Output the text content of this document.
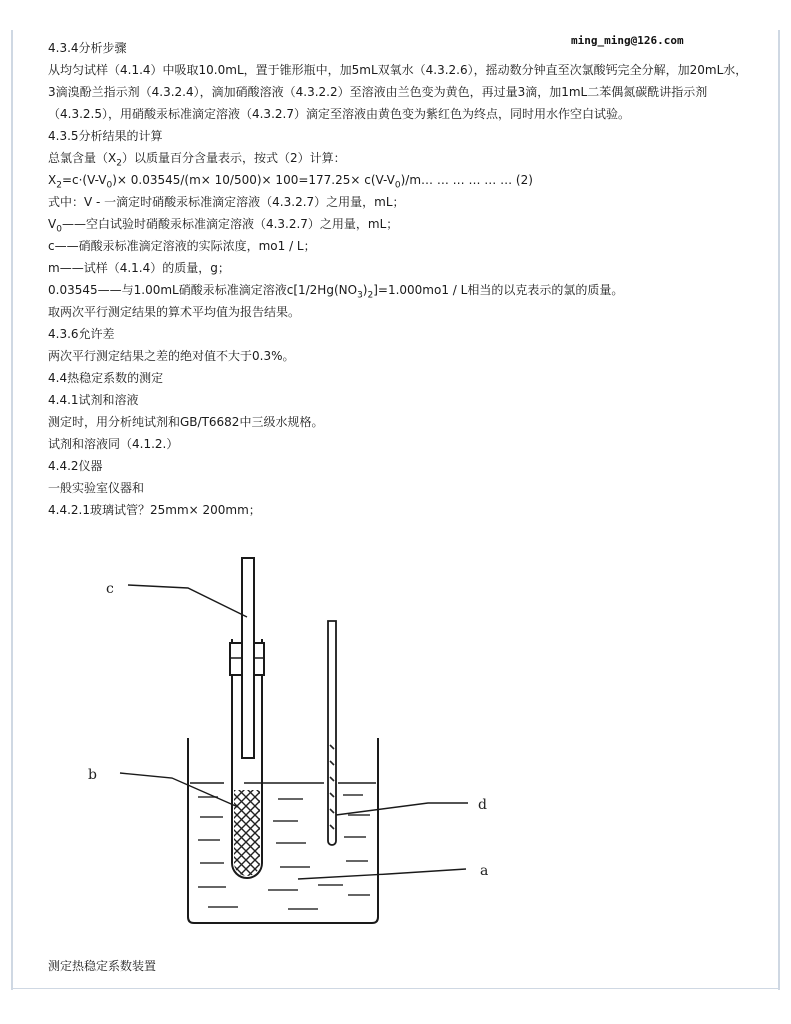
ming_ming@126.com
4.3.4分析步骤
从均匀试样（4.1.4）中吸取10.0mL，置于锥形瓶中，加5mL双氧水（4.3.2.6），摇动数分钟直至次氯酸钙完全分解，加20mL水，3滴溴酚兰指示剂（4.3.2.4），滴加硝酸溶液（4.3.2.2）至溶液由兰色变为黄色，再过量3滴，加1mL二苯偶氮碳酰讲指示剂（4.3.2.5），用硝酸汞标准滴定溶液（4.3.2.7）滴定至溶液由黄色变为紫红色为终点，同时用水作空白试验。
4.3.5分析结果的计算
总氯含量$(X_2)$以质量百分含量表示，按式（2）计算：
$X_2=c\cdot(V-V_0)\times 0.03545/(m\times 10/500)\times 100=177.25\times$ $c(V-V_0)/m\dots$ … … … … … (2)
式中：V - 一滴定时硝酸汞标准滴定溶液（4.3.2.7）之用量，mL；
$V_0——$空白试验时硝酸汞标准滴定溶液（4.3.2.7）之用量，mL；
c——硝酸汞标准滴定溶液的实际浓度，mo1 / L；
m——试样（4.1.4）的质量，g；
0.03545——与1.00mL硝酸汞标准滴定溶液$c[1/2Hg(NO_3)_2]=1.000mo1 / L$相当的以克表示的氯的质量。
取两次平行测定结果的算术平均值为报告结果。
4.3.6允许差
两次平行测定结果之差的绝对值不大于0.3%。
4.4热稳定系数的测定
4.4.1试剂和溶液
测定时，用分析纯试剂和GB/T6682中三级水规格。
试剂和溶液同（4.1.2.）
4.4.2仪器
一般实验室仪器和
4.4.2.1玻璃试管？25mm× 200mm；
c
b
d
a
测定热稳定系数装置
